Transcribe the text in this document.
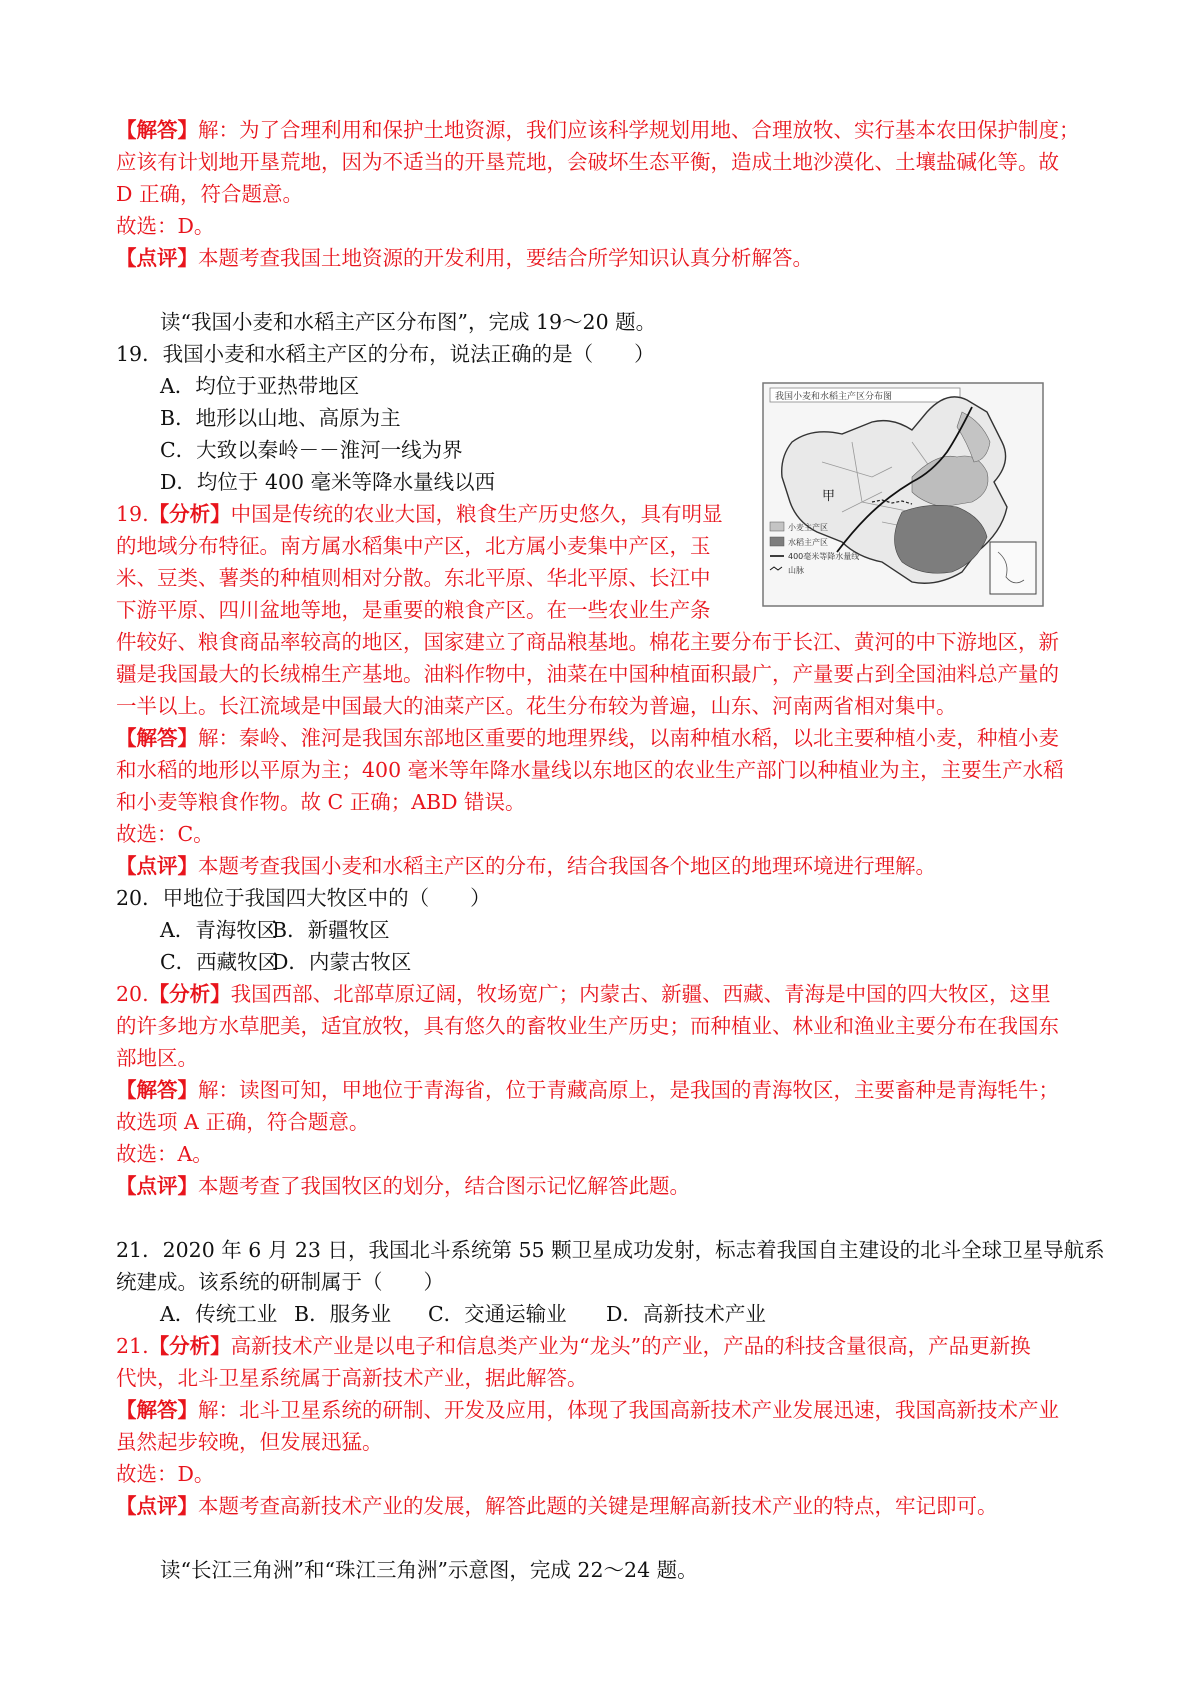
【解答】解：为了合理利用和保护土地资源，我们应该科学规划用地、合理放牧、实行基本农田保护制度；
应该有计划地开垦荒地，因为不适当的开垦荒地，会破坏生态平衡，造成土地沙漠化、土壤盐碱化等。故
D 正确，符合题意。
故选：D。
【点评】本题考查我国土地资源的开发利用，要结合所学知识认真分析解答。
读“我国小麦和水稻主产区分布图”，完成 19～20 题。
19．我国小麦和水稻主产区的分布，说法正确的是（　　）
A．均位于亚热带地区
B．地形以山地、高原为主
C．大致以秦岭－－淮河一线为界
D．均位于 400 毫米等降水量线以西
19.【分析】中国是传统的农业大国，粮食生产历史悠久，具有明显
的地域分布特征。南方属水稻集中产区，北方属小麦集中产区，玉
米、豆类、薯类的种植则相对分散。东北平原、华北平原、长江中
下游平原、四川盆地等地，是重要的粮食产区。在一些农业生产条
件较好、粮食商品率较高的地区，国家建立了商品粮基地。棉花主要分布于长江、黄河的中下游地区，新
疆是我国最大的长绒棉生产基地。油料作物中，油菜在中国种植面积最广，产量要占到全国油料总产量的
一半以上。长江流域是中国最大的油菜产区。花生分布较为普遍，山东、河南两省相对集中。
【解答】解：秦岭、淮河是我国东部地区重要的地理界线，以南种植水稻，以北主要种植小麦，种植小麦
和水稻的地形以平原为主；400 毫米等年降水量线以东地区的农业生产部门以种植业为主，主要生产水稻
和小麦等粮食作物。故 C 正确；ABD 错误。
故选：C。
【点评】本题考查我国小麦和水稻主产区的分布，结合我国各个地区的地理环境进行理解。
我国小麦和水稻主产区分布图
甲
小麦主产区
水稻主产区
400毫米等降水量线
山脉
20．甲地位于我国四大牧区中的（　　）
A．青海牧区B．新疆牧区
C．西藏牧区D．内蒙古牧区
20.【分析】我国西部、北部草原辽阔，牧场宽广；内蒙古、新疆、西藏、青海是中国的四大牧区，这里
的许多地方水草肥美，适宜放牧，具有悠久的畜牧业生产历史；而种植业、林业和渔业主要分布在我国东
部地区。
【解答】解：读图可知，甲地位于青海省，位于青藏高原上，是我国的青海牧区，主要畜种是青海牦牛；
故选项 A 正确，符合题意。
故选：A。
【点评】本题考查了我国牧区的划分，结合图示记忆解答此题。
21．2020 年 6 月 23 日，我国北斗系统第 55 颗卫星成功发射，标志着我国自主建设的北斗全球卫星导航系
统建成。该系统的研制属于（　　）
A．传统工业 B．服务业 C．交通运输业 D．高新技术产业
21.【分析】高新技术产业是以电子和信息类产业为“龙头”的产业，产品的科技含量很高，产品更新换
代快，北斗卫星系统属于高新技术产业，据此解答。
【解答】解：北斗卫星系统的研制、开发及应用，体现了我国高新技术产业发展迅速，我国高新技术产业
虽然起步较晚，但发展迅猛。
故选：D。
【点评】本题考查高新技术产业的发展，解答此题的关键是理解高新技术产业的特点，牢记即可。
读“长江三角洲”和“珠江三角洲”示意图，完成 22～24 题。
